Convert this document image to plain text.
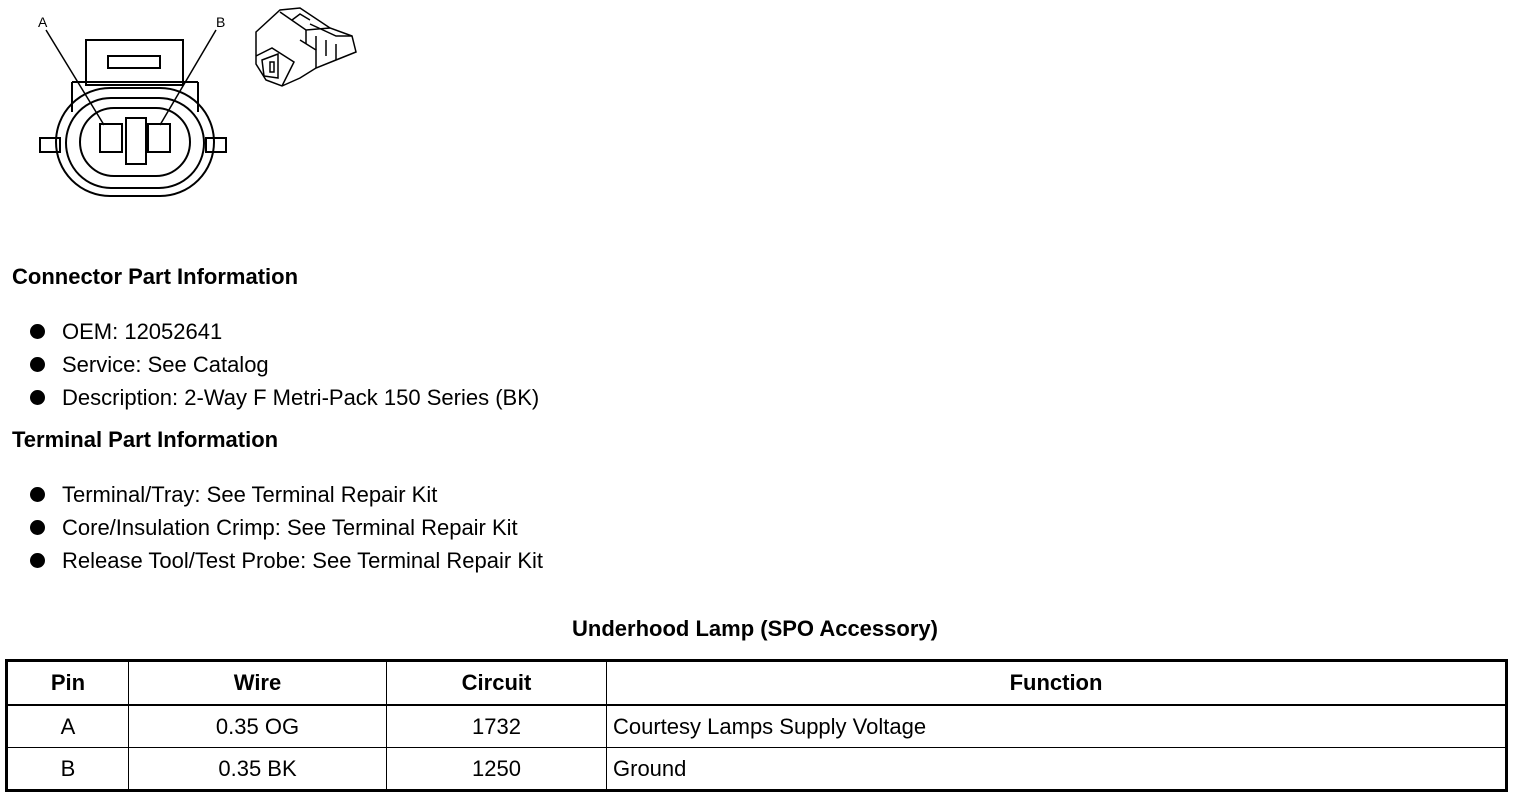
A	B
Connector Part Information
OEM: 12052641
Service: See Catalog
Description: 2-Way F Metri-Pack 150 Series (BK)
Terminal Part Information
Terminal/Tray: See Terminal Repair Kit
Core/Insulation Crimp: See Terminal Repair Kit
Release Tool/Test Probe: See Terminal Repair Kit
Underhood Lamp (SPO Accessory)
Pin	Wire	Circuit	Function
A	0.35 OG	1732	Courtesy Lamps Supply Voltage
B	0.35 BK	1250	Ground
